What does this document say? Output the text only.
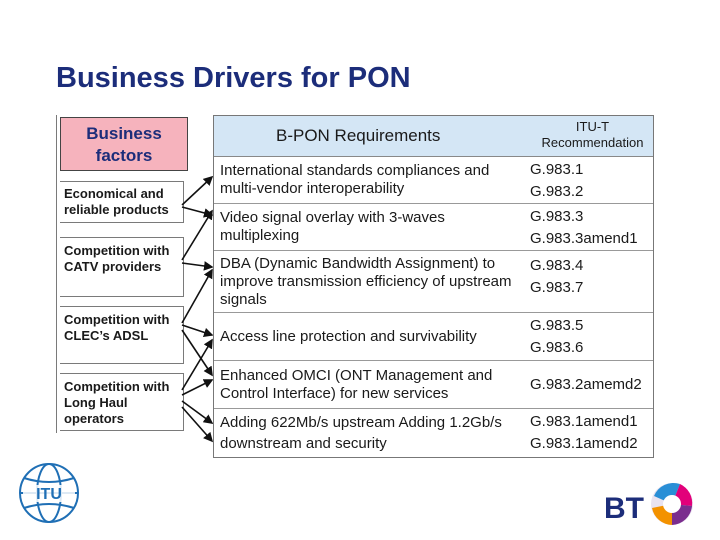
Business Drivers for PON
Business factors
Economical and reliable products
Competition with CATV providers
Competition with CLEC’s ADSL
Competition with Long Haul operators
B-PON Requirements	ITU-T
Recommendation
International standards compliances and multi-vendor interoperability
G.983.1
G.983.2
Video signal overlay with 3-waves multiplexing
G.983.3
G.983.3amend1
DBA (Dynamic Bandwidth Assignment) to improve transmission efficiency of upstream signals
G.983.4
G.983.7
Access line protection and survivability
G.983.5
G.983.6
Enhanced OMCI (ONT Management and Control Interface) for new services
G.983.2amemd2
Adding 622Mb/s upstream Adding 1.2Gb/s downstream and security
G.983.1amend1
G.983.1amend2
ITU	BT
